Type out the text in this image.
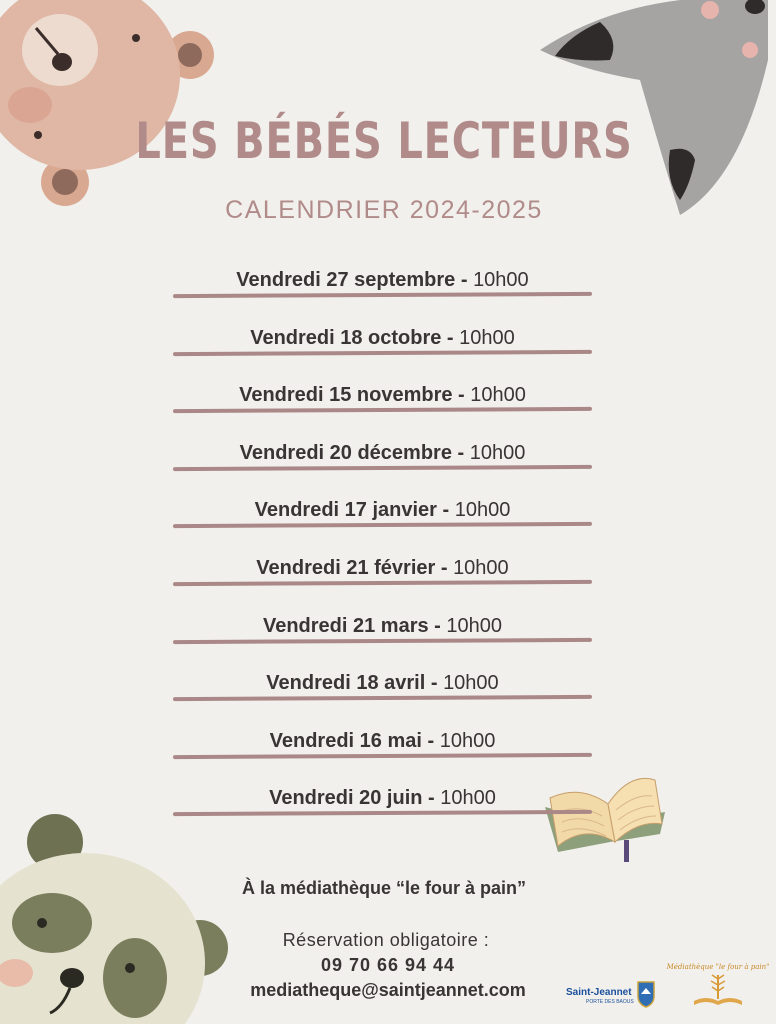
LES BÉBÉS LECTEURS
CALENDRIER 2024-2025
Vendredi 27 septembre - 10h00
Vendredi 18 octobre - 10h00
Vendredi 15 novembre - 10h00
Vendredi 20 décembre - 10h00
Vendredi 17 janvier - 10h00
Vendredi 21 février - 10h00
Vendredi 21 mars - 10h00
Vendredi 18 avril - 10h00
Vendredi 16 mai - 10h00
Vendredi 20 juin - 10h00
À la médiathèque “le four à pain”
Réservation obligatoire :
09 70 66 94 44
mediatheque@saintjeannet.com	Saint-Jeannet
PORTE DES BAOUS
Médiathèque "le four à pain"
